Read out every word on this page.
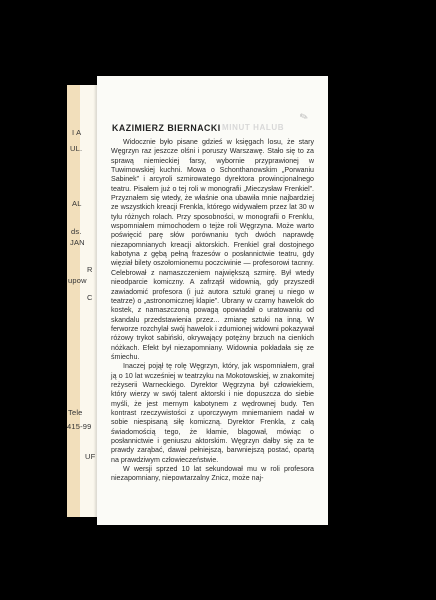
I A
UL.
AL
ds.
JAN
R
upow
C
Tele
415-99
UF
✎
MINUT HALUB
KAZIMIERZ BIERNACKI

Widocznie było pisane gdzieś w księgach losu, że stary Węgrzyn raz jeszcze olśni i poruszy Warszawę. Stało się to za sprawą niemieckiej farsy, wybornie przyprawionej w Tuwimowskiej kuchni. Mowa o Schonthanowskim „Porwaniu Sabinek” i arcyroli szmirowatego dyrektora prowincjonalnego teatru. Pisałem już o tej roli w monografii „Mieczysław Frenkiel”. Przyznałem się wtedy, że właśnie ona ubawiła mnie najbardziej ze wszystkich kreacji Frenkla, którego widywałem przez lat 30 w tylu różnych rolach. Przy sposobności, w monografii o Frenklu, wspomniałem mimochodem o tejże roli Węgrzyna. Może warto poświęcić parę słów porównaniu tych dwóch naprawdę niezapomnianych kreacji aktorskich. Frenkiel grał dostojnego kabotyna z gębą pełną frazesów o posłannictwie teatru, gdy więział bilety oszołomionemu poczciwinie — profesorowi tacnny. Celebrował z namaszczeniem największą szmirę. Był wtedy nieodparcie komiczny. A zafrząśł widownią, gdy przyszedł zawiadomić profesora (i już autora sztuki granej u niego w teatrze) o „astronomicznej klapie”. Ubrany w czarny hawelok do kostek, z namaszczoną powagą opowiadał o uratowaniu od skandalu przedstawienia przez... zmianę sztuki na inną. W ferworze rozchylał swój hawelok i zdumionej widowni pokazywał różowy trykot sabiński, okrywający potężny brzuch na cienkich nóżkach. Efekt był niezapomniany. Widownia pokładała się ze śmiechu.

Inaczej pojął tę rolę Węgrzyn, który, jak wspomniałem, grał ją o 10 lat wcześniej w teatrzyku na Mokotowskiej, w znakomitej reżyserii Warneckiego. Dyrektor Węgrzyna był człowiekiem, który wierzy w swój talent aktorski i nie dopuszcza do siebie myśli, że jest mernym kabotynem z wędrownej budy. Ten kontrast rzeczywistości z uporczywym mniemaniem nadał w sobie niespisaną siłę komiczną. Dyrektor Frenkla, z całą świadomością tego, że kłamie, blagował, mówiąc o posłannictwie i geniuszu aktorskim. Węgrzyn dałby się za te prawdy zarąbać, dawał pełniejszą, barwniejszą postać, opartą na prawdziwym człowieczeństwie.

W wersji sprzed 10 lat sekundował mu w roli profesora niezapomniany, niepowtarzalny Znicz, może naj-
